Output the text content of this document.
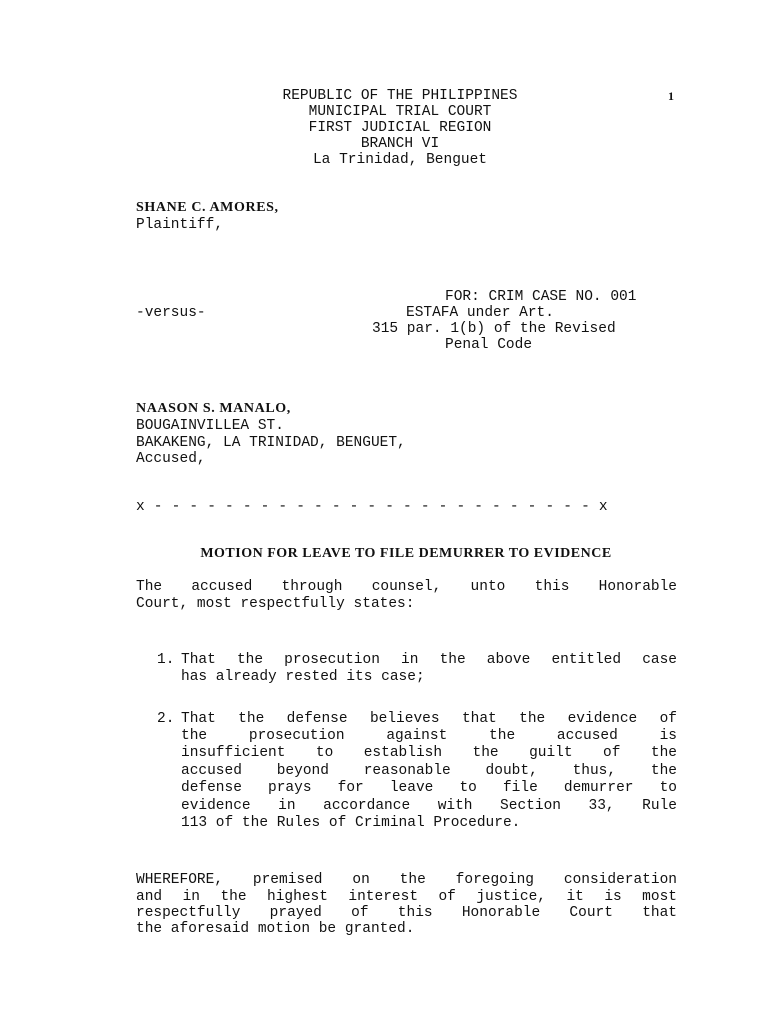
1
REPUBLIC OF THE PHILIPPINES
MUNICIPAL TRIAL COURT
FIRST JUDICIAL REGION
BRANCH VI
La Trinidad, Benguet
SHANE C. AMORES,
Plaintiff,
FOR: CRIM CASE NO. 001
-versus-	ESTAFA under Art.
315 par. 1(b) of the Revised
Penal Code
NAASON S. MANALO,
BOUGAINVILLEA ST.
BAKAKENG, LA TRINIDAD, BENGUET,
Accused,
x - - - - - - - - - - - - - - - - - - - - - - - - - x
MOTION FOR LEAVE TO FILE DEMURRER TO EVIDENCE
The accused through counsel, unto this Honorable
Court, most respectfully states:
1. That the prosecution in the above entitled case
has already rested its case;
2. That the defense believes that the evidence of
the prosecution against the accused is
insufficient to establish the guilt of the
accused beyond reasonable doubt, thus, the
defense prays for leave to file demurrer to
evidence in accordance with Section 33, Rule
113 of the Rules of Criminal Procedure.
WHEREFORE, premised on the foregoing consideration
and in the highest interest of justice, it is most
respectfully prayed of this Honorable Court that
the aforesaid motion be granted.
